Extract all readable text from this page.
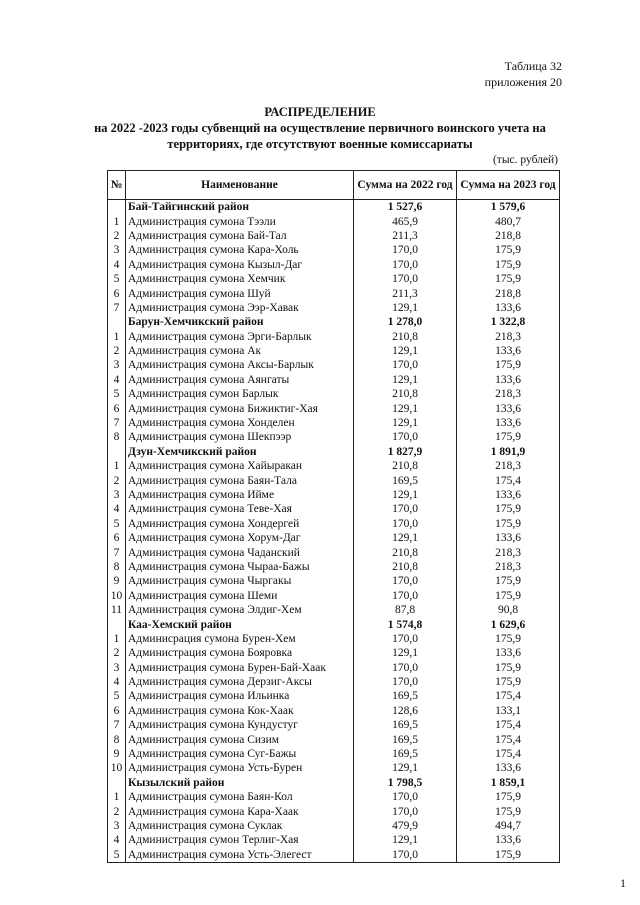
Таблица 32
приложения 20
РАСПРЕДЕЛЕНИЕ
на 2022 -2023 годы субвенций на осуществление первичного воинского учета на
территориях, где отсутствуют военные комиссариаты
(тыс. рублей)
№	Наименование	Сумма на 2022 год	Сумма на 2023 год
	Бай-Тайгинский район	1 527,6	1 579,6
1	Администрация сумона Тээли	465,9	480,7
2	Администрация сумона Бай-Тал	211,3	218,8
3	Администрация сумона Кара-Холь	170,0	175,9
4	Администрация сумона Кызыл-Даг	170,0	175,9
5	Администрация сумона Хемчик	170,0	175,9
6	Администрация сумона Шуй	211,3	218,8
7	Администрация сумона Ээр-Хавак	129,1	133,6
	Барун-Хемчикский район	1 278,0	1 322,8
1	Администрация сумона Эрги-Барлык	210,8	218,3
2	Администрация сумона Ак	129,1	133,6
3	Администрация сумона Аксы-Барлык	170,0	175,9
4	Администрация сумона Аянгаты	129,1	133,6
5	Администрация сумон Барлык	210,8	218,3
6	Администрация сумона Бижиктиг-Хая	129,1	133,6
7	Администрация сумона Хонделен	129,1	133,6
8	Администрация сумона Шекпээр	170,0	175,9
	Дзун-Хемчикский район	1 827,9	1 891,9
1	Администрация сумона Хайыракан	210,8	218,3
2	Администрация сумона Баян-Тала	169,5	175,4
3	Администрация сумона Ийме	129,1	133,6
4	Администрация сумона Теве-Хая	170,0	175,9
5	Администрация сумона Хондергей	170,0	175,9
6	Администрация сумона Хорум-Даг	129,1	133,6
7	Администрация сумона Чаданский	210,8	218,3
8	Администрация сумона Чыраа-Бажы	210,8	218,3
9	Администрация сумона Чыргакы	170,0	175,9
10	Администрация сумона Шеми	170,0	175,9
11	Администрация сумона Элдиг-Хем	87,8	90,8
	Каа-Хемский район	1 574,8	1 629,6
1	Админисрация сумона Бурен-Хем	170,0	175,9
2	Администрация сумона Бояровка	129,1	133,6
3	Администрация сумона Бурен-Бай-Хаак	170,0	175,9
4	Администрация сумона Дерзиг-Аксы	170,0	175,9
5	Администрация сумона Ильинка	169,5	175,4
6	Администрация сумона Кок-Хаак	128,6	133,1
7	Администрация сумона Кундустуг	169,5	175,4
8	Администрация сумона Сизим	169,5	175,4
9	Администрация сумона Суг-Бажы	169,5	175,4
10	Администрация сумона Усть-Бурен	129,1	133,6
	Кызылский район	1 798,5	1 859,1
1	Администрация сумона Баян-Кол	170,0	175,9
2	Администрация сумона Кара-Хаак	170,0	175,9
3	Администрация сумона Суклак	479,9	494,7
4	Администрация сумон Терлиг-Хая	129,1	133,6
5	Администрация сумона Усть-Элегест	170,0	175,9
1
